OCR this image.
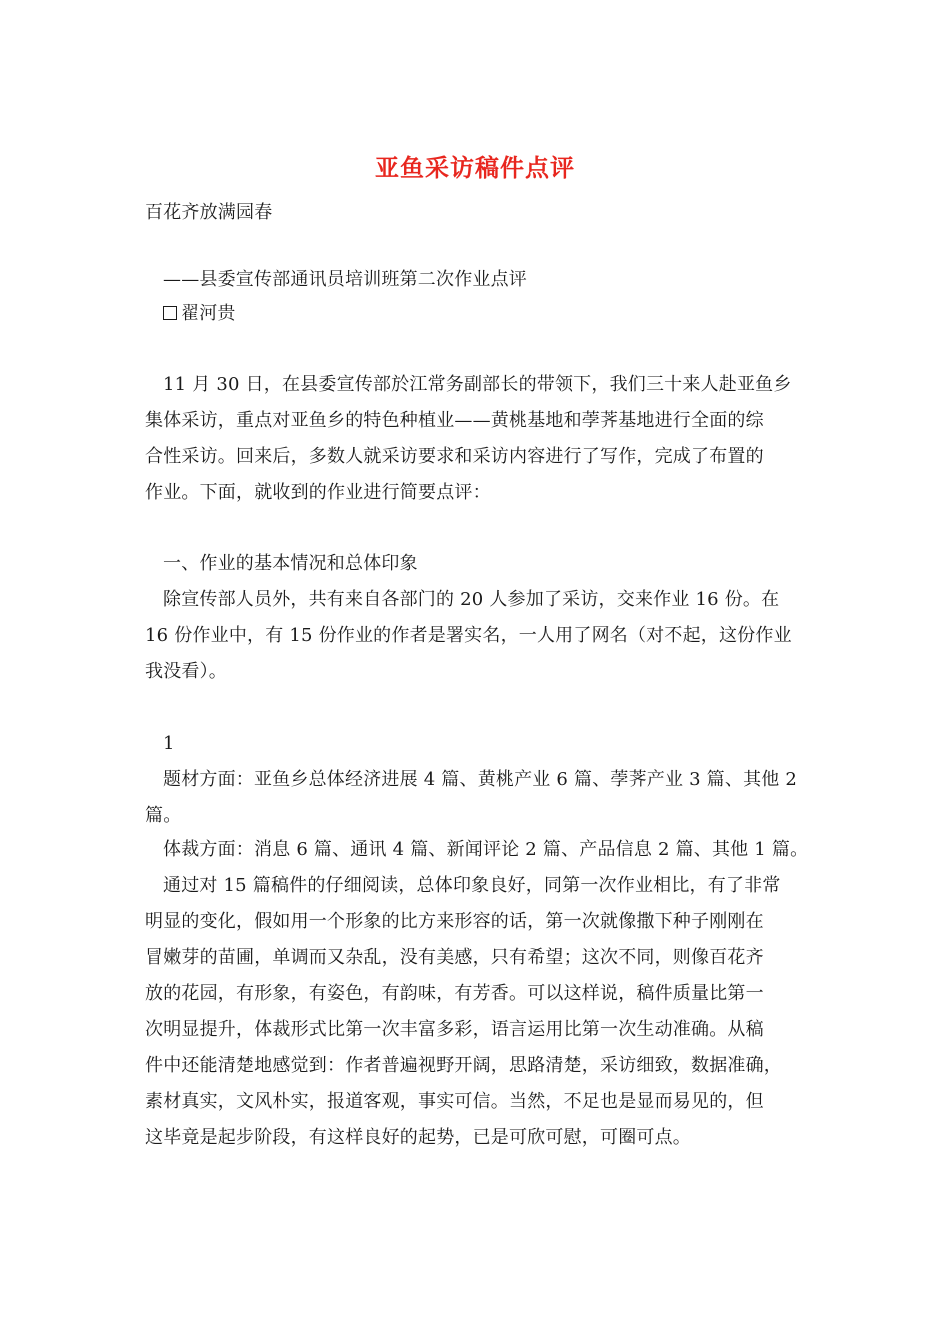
亚鱼采访稿件点评
百花齐放满园春
——县委宣传部通讯员培训班第二次作业点评
翟河贵
11 月 30 日，在县委宣传部於江常务副部长的带领下，我们三十来人赴亚鱼乡
集体采访，重点对亚鱼乡的特色种植业——黄桃基地和荸荠基地进行全面的综
合性采访。回来后，多数人就采访要求和采访内容进行了写作，完成了布置的
作业。下面，就收到的作业进行简要点评：
一、作业的基本情况和总体印象
除宣传部人员外，共有来自各部门的 20 人参加了采访，交来作业 16 份。在
16 份作业中，有 15 份作业的作者是署实名，一人用了网名（对不起，这份作业
我没看）。
1
题材方面：亚鱼乡总体经济进展 4 篇、黄桃产业 6 篇、荸荠产业 3 篇、其他 2
篇。
体裁方面：消息 6 篇、通讯 4 篇、新闻评论 2 篇、产品信息 2 篇、其他 1 篇。
通过对 15 篇稿件的仔细阅读，总体印象良好，同第一次作业相比，有了非常
明显的变化，假如用一个形象的比方来形容的话，第一次就像撒下种子刚刚在
冒嫩芽的苗圃，单调而又杂乱，没有美感，只有希望；这次不同，则像百花齐
放的花园，有形象，有姿色，有韵味，有芳香。可以这样说，稿件质量比第一
次明显提升，体裁形式比第一次丰富多彩，语言运用比第一次生动准确。从稿
件中还能清楚地感觉到：作者普遍视野开阔，思路清楚，采访细致，数据准确，
素材真实，文风朴实，报道客观，事实可信。当然，不足也是显而易见的，但
这毕竟是起步阶段，有这样良好的起势，已是可欣可慰，可圈可点。
